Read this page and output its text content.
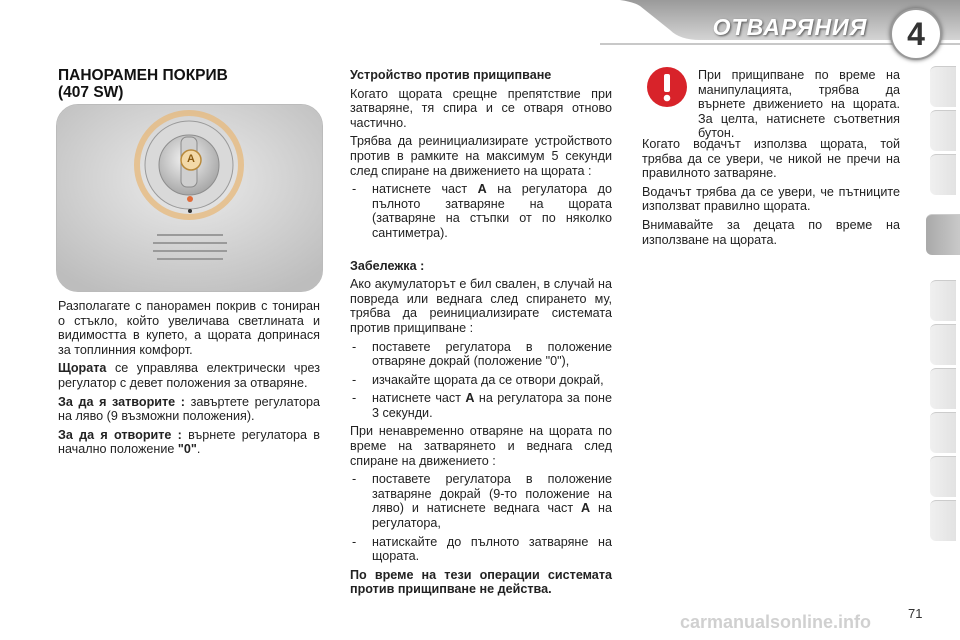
ОТВАРЯНИЯ	4
ПАНОРАМЕН ПОКРИВ
(407 SW)
A

Разполагате с панорамен покрив с тониран о стъкло, който увеличава светлината и видимостта в купето, а щората допринася за топлинния комфорт.

Щората се управлява електрически чрез регулатор с девет положения за отваряне.

За да я затворите : завъртете регулатора на ляво (9 възможни положения).

За да я отворите : върнете регулатора в начално положение "0".

Устройство против прищипване

Когато щората срещне препятствие при затваряне, тя спира и се отваря отново частично.

Трябва да реинициализирате устройството против в рамките на максимум 5 секунди след спиране на движението на щората :

- натиснете част A на регулатора до пълното затваряне на щората (затваряне на стъпки от по няколко сантиметра).

Забележка :

Ако акумулаторът е бил свален, в случай на повреда или веднага след спирането му, трябва да реинициализирате системата против прищипване :

- поставете регулатора в положение отваряне докрай (положение "0"),
- изчакайте щората да се отвори докрай,
- натиснете част A на регулатора за поне 3 секунди.

При ненавременно отваряне на щората по време на затварянето и веднага след спиране на движението :

- поставете регулатора в положение затваряне докрай (9-то положение на ляво) и натиснете веднага част A на регулатора,
- натискайте до пълното затваряне на щората.

По време на тези операции системата против прищипване не действа.

При прищипване по време на манипулацията, трябва да върнете движението на щората. За целта, натиснете съответния бутон.

Когато водачът използва щората, той трябва да се увери, че никой не пречи на правилното затваряне.

Водачът трябва да се увери, че пътниците използват правилно щората.

Внимавайте за децата по време на използване на щората.

71
carmanualsonline.info
